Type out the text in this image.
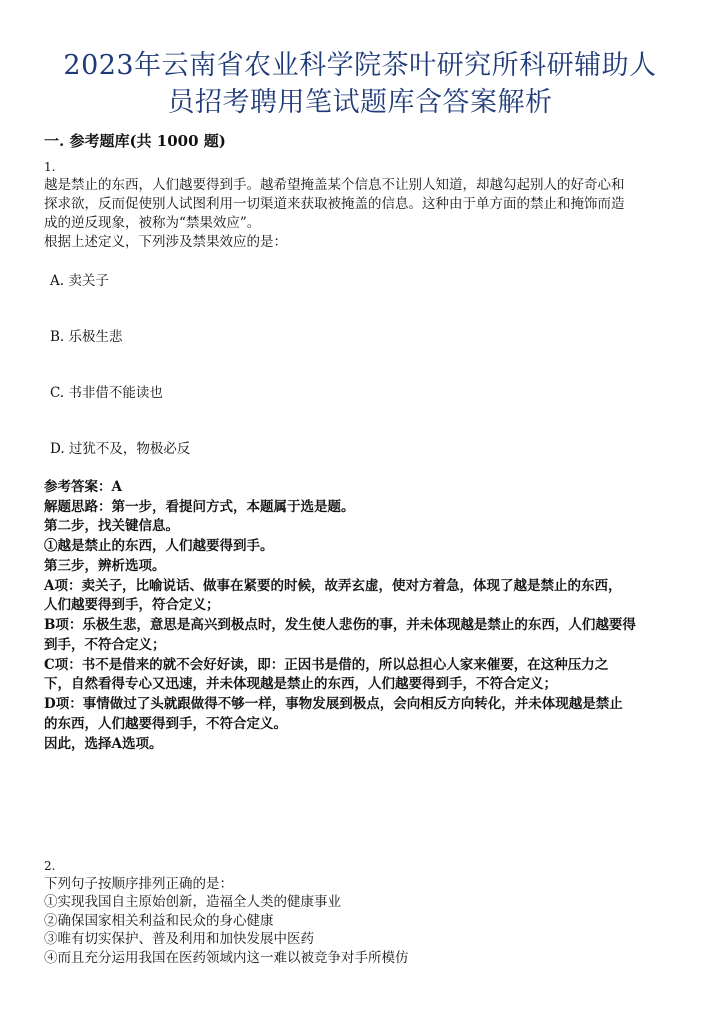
2023年云南省农业科学院茶叶研究所科研辅助人
员招考聘用笔试题库含答案解析
一. 参考题库(共 1000 题)
1.
越是禁止的东西，人们越要得到手。越希望掩盖某个信息不让别人知道，却越勾起别人的好奇心和
探求欲，反而促使别人试图利用一切渠道来获取被掩盖的信息。这种由于单方面的禁止和掩饰而造
成的逆反现象，被称为“禁果效应”。
根据上述定义，下列涉及禁果效应的是：
A. 卖关子
B. 乐极生悲
C. 书非借不能读也
D. 过犹不及，物极必反
参考答案：A
解题思路：第一步，看提问方式，本题属于选是题。
第二步，找关键信息。
①越是禁止的东西，人们越要得到手。
第三步，辨析选项。
A项：卖关子，比喻说话、做事在紧要的时候，故弄玄虚，使对方着急，体现了越是禁止的东西，
人们越要得到手，符合定义；
B项：乐极生悲，意思是高兴到极点时，发生使人悲伤的事，并未体现越是禁止的东西，人们越要得
到手，不符合定义；
C项：书不是借来的就不会好好读，即：正因书是借的，所以总担心人家来催要，在这种压力之
下，自然看得专心又迅速，并未体现越是禁止的东西，人们越要得到手，不符合定义；
D项：事情做过了头就跟做得不够一样，事物发展到极点，会向相反方向转化，并未体现越是禁止
的东西，人们越要得到手，不符合定义。
因此，选择A选项。
2.
下列句子按顺序排列正确的是：
①实现我国自主原始创新，造福全人类的健康事业
②确保国家相关利益和民众的身心健康
③唯有切实保护、普及利用和加快发展中医药
④而且充分运用我国在医药领域内这一难以被竞争对手所模仿
